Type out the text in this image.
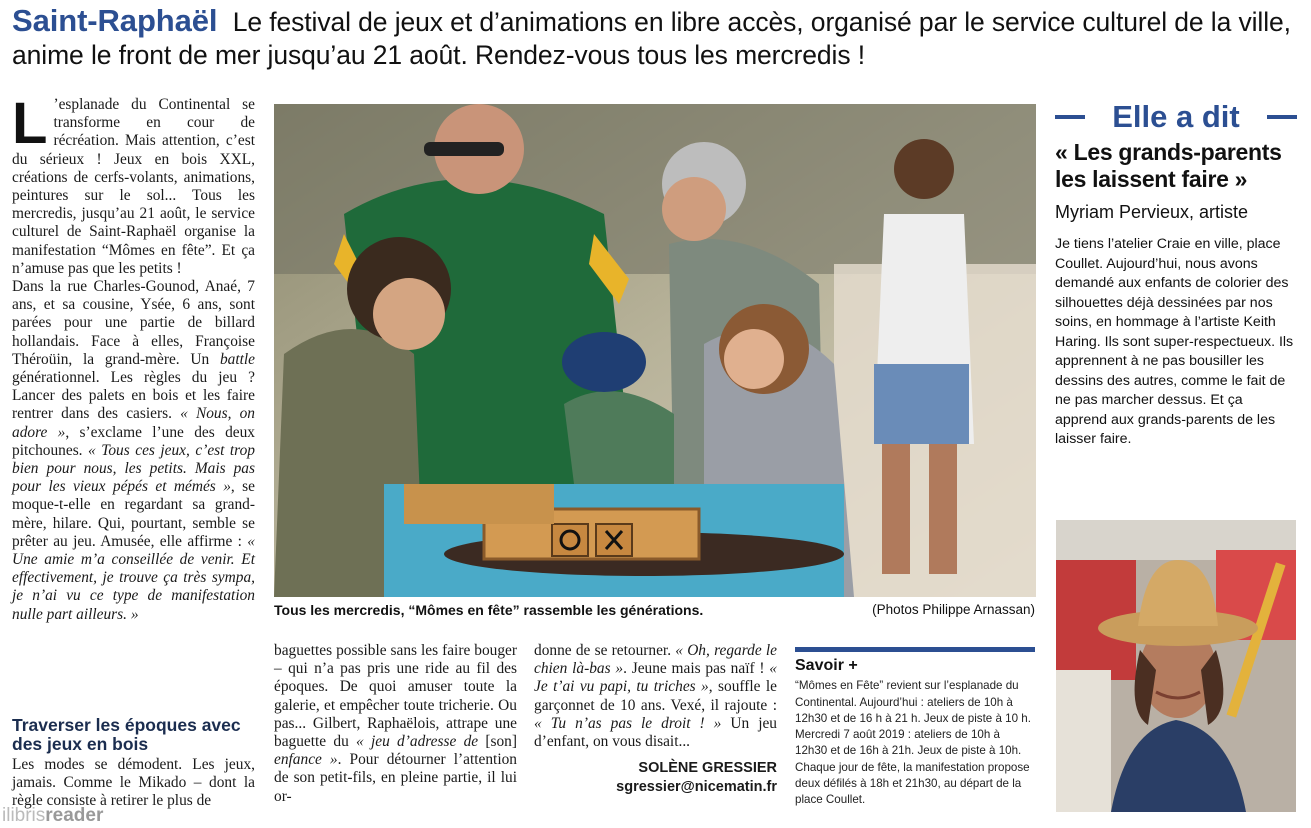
Saint-Raphaël Le festival de jeux et d’animations en libre accès, organisé par le service culturel de la ville, anime le front de mer jusqu’au 21 août. Rendez-vous tous les mercredis !

L ’esplanade du Continental se transforme en cour de récréation. Mais attention, c’est du sérieux ! Jeux en bois XXL, créations de cerfs-volants, animations, peintures sur le sol... Tous les mercredis, jusqu’au 21 août, le service culturel de Saint-Raphaël organise la manifestation “Mômes en fête”. Et ça n’amuse pas que les petits !

Dans la rue Charles-Gounod, Anaé, 7 ans, et sa cousine, Ysée, 6 ans, sont parées pour une partie de billard hollandais. Face à elles, Françoise Théroüin, la grand-mère. Un battle générationnel. Les règles du jeu ? Lancer des palets en bois et les faire rentrer dans des casiers. « Nous, on adore », s’exclame l’une des deux pitchounes. « Tous ces jeux, c’est trop bien pour nous, les petits. Mais pas pour les vieux pépés et mémés », se moque-t-elle en regardant sa grand-mère, hilare. Qui, pourtant, semble se prêter au jeu. Amusée, elle affirme : « Une amie m’a conseillée de venir. Et effectivement, je trouve ça très sympa, je n’ai vu ce type de manifestation nulle part ailleurs. »

Traverser les époques avec des jeux en bois
Les modes se démodent. Les jeux, jamais. Comme le Mikado – dont la règle consiste à retirer le plus de
Tous les mercredis, “Mômes en fête” rassemble les générations.	(Photos Philippe Arnassan)
baguettes possible sans les faire bouger – qui n’a pas pris une ride au fil des époques. De quoi amuser toute la galerie, et empêcher toute tricherie. Ou pas... Gilbert, Raphaëlois, attrape une baguette du « jeu d’adresse de [son] enfance ». Pour détourner l’attention de son petit-fils, en pleine partie, il lui or-
donne de se retourner. « Oh, regarde le chien là-bas ». Jeune mais pas naïf ! « Je t’ai vu papi, tu triches », souffle le garçonnet de 10 ans. Vexé, il rajoute : « Tu n’as pas le droit ! » Un jeu d’enfant, on vous disait...
SOLÈNE GRESSIER
sgressier@nicematin.fr
Savoir +

“Mômes en Fête” revient sur l’esplanade du Continental. Aujourd’hui : ateliers de 10h à 12h30 et de 16 h à 21 h. Jeux de piste à 10 h.

Mercredi 7 août 2019 : ateliers de 10h à 12h30 et de 16h à 21h. Jeux de piste à 10h.

Chaque jour de fête, la manifestation propose deux défilés à 18h et 21h30, au départ de la place Coullet.

Elle a dit
« Les grands-parents les laissent faire »
Myriam Pervieux, artiste
Je tiens l’atelier Craie en ville, place Coullet. Aujourd’hui, nous avons demandé aux enfants de colorier des silhouettes déjà dessinées par nos soins, en hommage à l’artiste Keith Haring. Ils sont super-respectueux. Ils apprennent à ne pas bousiller les dessins des autres, comme le fait de ne pas marcher dessus. Et ça apprend aux grands-parents de les laisser faire.
ilibrisreader
